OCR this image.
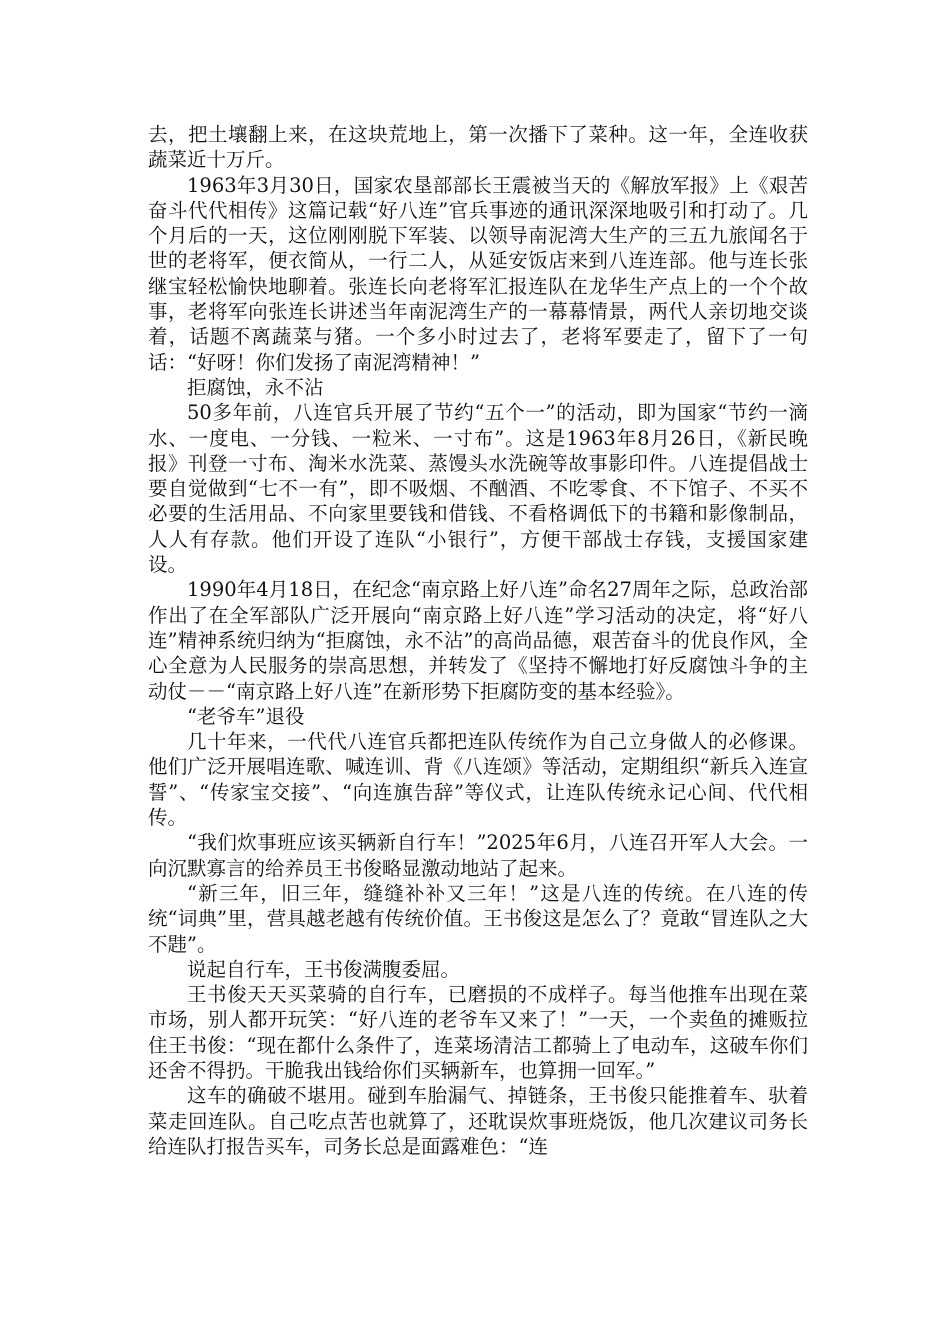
去，把土壤翻上来，在这块荒地上，第一次播下了菜种。这一年，全连收获蔬菜近十万斤。

1963年3月30日，国家农垦部部长王震被当天的《解放军报》上《艰苦奋斗代代相传》这篇记载“好八连”官兵事迹的通讯深深地吸引和打动了。几个月后的一天，这位刚刚脱下军装、以领导南泥湾大生产的三五九旅闻名于世的老将军，便衣简从，一行二人，从延安饭店来到八连连部。他与连长张继宝轻松愉快地聊着。张连长向老将军汇报连队在龙华生产点上的一个个故事，老将军向张连长讲述当年南泥湾生产的一幕幕情景，两代人亲切地交谈着，话题不离蔬菜与猪。一个多小时过去了，老将军要走了，留下了一句话：“好呀！你们发扬了南泥湾精神！”

拒腐蚀，永不沾

50多年前，八连官兵开展了节约“五个一”的活动，即为国家“节约一滴水、一度电、一分钱、一粒米、一寸布”。这是1963年8月26日，《新民晚报》刊登一寸布、淘米水洗菜、蒸馒头水洗碗等故事影印件。八连提倡战士要自觉做到“七不一有”，即不吸烟、不酗酒、不吃零食、不下馆子、不买不必要的生活用品、不向家里要钱和借钱、不看格调低下的书籍和影像制品，人人有存款。他们开设了连队“小银行”，方便干部战士存钱，支援国家建设。

1990年4月18日，在纪念“南京路上好八连”命名27周年之际，总政治部作出了在全军部队广泛开展向“南京路上好八连”学习活动的决定，将“好八连”精神系统归纳为“拒腐蚀，永不沾”的高尚品德，艰苦奋斗的优良作风，全心全意为人民服务的崇高思想，并转发了《坚持不懈地打好反腐蚀斗争的主动仗－－“南京路上好八连”在新形势下拒腐防变的基本经验》。

“老爷车”退役

几十年来，一代代八连官兵都把连队传统作为自己立身做人的必修课。他们广泛开展唱连歌、喊连训、背《八连颂》等活动，定期组织“新兵入连宣誓”、“传家宝交接”、“向连旗告辞”等仪式，让连队传统永记心间、代代相传。

“我们炊事班应该买辆新自行车！”2025年6月，八连召开军人大会。一向沉默寡言的给养员王书俊略显激动地站了起来。

“新三年，旧三年，缝缝补补又三年！”这是八连的传统。在八连的传统“词典”里，营具越老越有传统价值。王书俊这是怎么了？竟敢“冒连队之大不韪”。

说起自行车，王书俊满腹委屈。

王书俊天天买菜骑的自行车，已磨损的不成样子。每当他推车出现在菜市场，别人都开玩笑：“好八连的老爷车又来了！”一天，一个卖鱼的摊贩拉住王书俊：“现在都什么条件了，连菜场清洁工都骑上了电动车，这破车你们还舍不得扔。干脆我出钱给你们买辆新车，也算拥一回军。”

这车的确破不堪用。碰到车胎漏气、掉链条，王书俊只能推着车、驮着菜走回连队。自己吃点苦也就算了，还耽误炊事班烧饭，他几次建议司务长给连队打报告买车，司务长总是面露难色：“连
